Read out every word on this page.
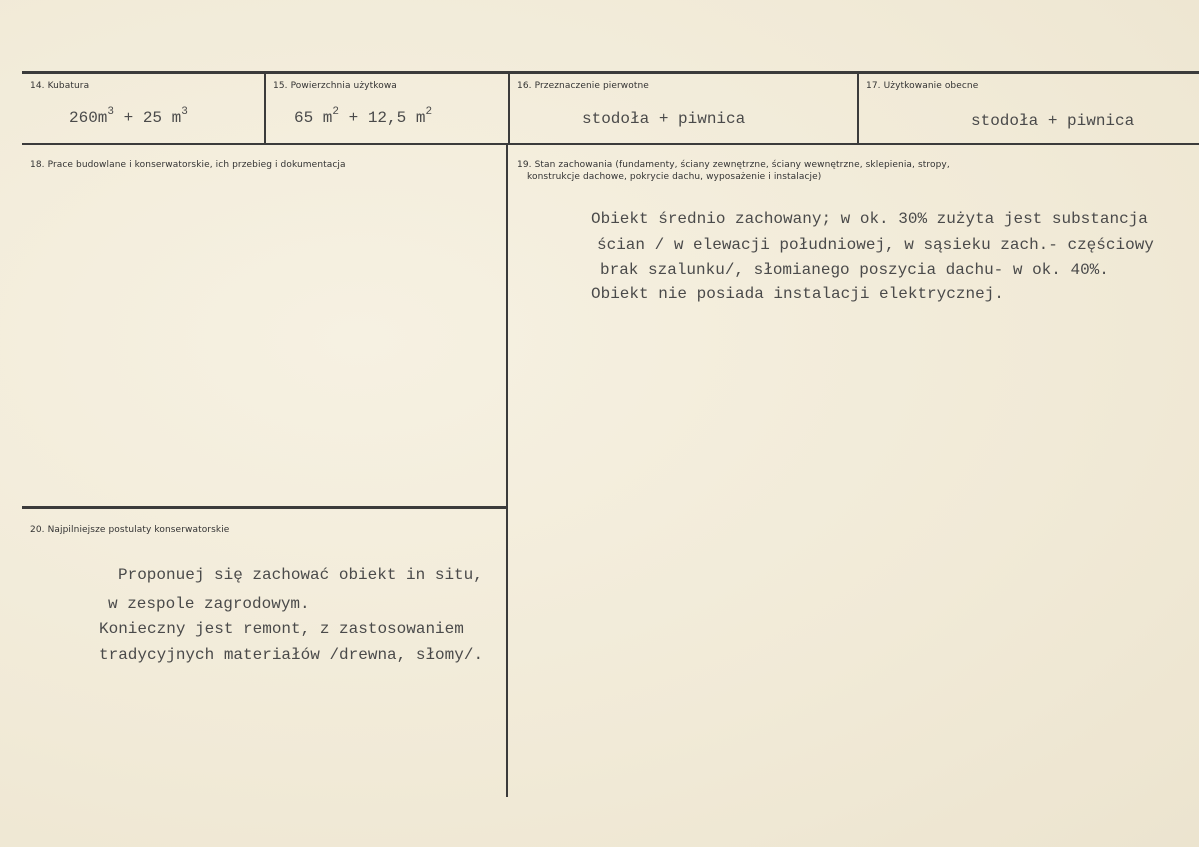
14. Kubatura
$260m^3 + 25$ $m^3$
15. Powierzchnia użytkowa
65 $m^2 + 12,5$ $m^2$
16. Przeznaczenie pierwotne
stodoła + piwnica
17. Użytkowanie obecne
stodoła + piwnica
18. Prace budowlane i konserwatorskie, ich przebieg i dokumentacja	19. Stan zachowania (fundamenty, ściany zewnętrzne, ściany wewnętrzne, sklepienia, stropy,
konstrukcje dachowe, pokrycie dachu, wyposażenie i instalacje)
Obiekt średnio zachowany; w ok. 30% zużyta jest substancja
ścian / w elewacji południowej, w sąsieku zach.- częściowy
brak szalunku/, słomianego poszycia dachu- w ok. 40%.
Obiekt nie posiada instalacji elektrycznej.
20. Najpilniejsze postulaty konserwatorskie
Proponuej się zachować obiekt in situ,
w zespole zagrodowym.
Konieczny jest remont, z zastosowaniem
tradycyjnych materiałów /drewna, słomy/.
